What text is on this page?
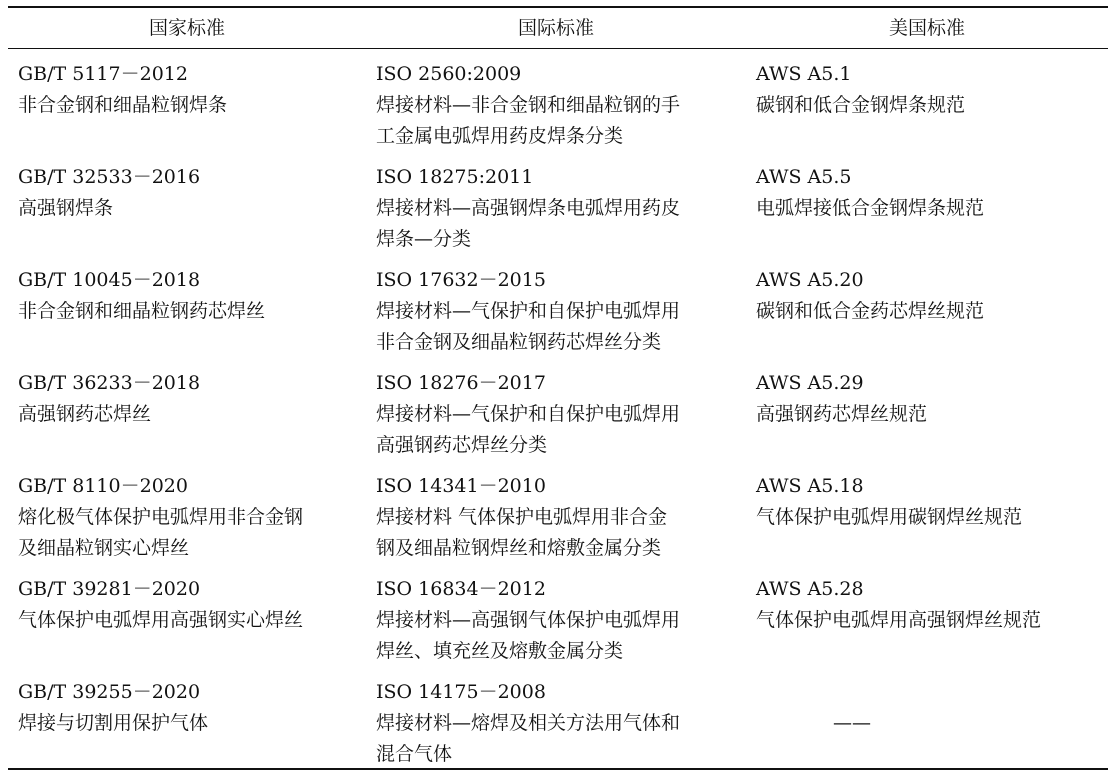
国家标准	国际标准	美国标准
GB/T 5117－2012
非合金钢和细晶粒钢焊条
ISO 2560:2009
焊接材料—非合金钢和细晶粒钢的手
工金属电弧焊用药皮焊条分类
AWS A5.1
碳钢和低合金钢焊条规范
GB/T 32533－2016
高强钢焊条
ISO 18275:2011
焊接材料—高强钢焊条电弧焊用药皮
焊条—分类
AWS A5.5
电弧焊接低合金钢焊条规范
GB/T 10045－2018
非合金钢和细晶粒钢药芯焊丝
ISO 17632－2015
焊接材料—气保护和自保护电弧焊用
非合金钢及细晶粒钢药芯焊丝分类
AWS A5.20
碳钢和低合金药芯焊丝规范
GB/T 36233－2018
高强钢药芯焊丝
ISO 18276－2017
焊接材料—气保护和自保护电弧焊用
高强钢药芯焊丝分类
AWS A5.29
高强钢药芯焊丝规范
GB/T 8110－2020
熔化极气体保护电弧焊用非合金钢
及细晶粒钢实心焊丝
ISO 14341－2010
焊接材料 气体保护电弧焊用非合金
钢及细晶粒钢焊丝和熔敷金属分类
AWS A5.18
气体保护电弧焊用碳钢焊丝规范
GB/T 39281－2020
气体保护电弧焊用高强钢实心焊丝
ISO 16834－2012
焊接材料—高强钢气体保护电弧焊用
焊丝、填充丝及熔敷金属分类
AWS A5.28
气体保护电弧焊用高强钢焊丝规范
GB/T 39255－2020
焊接与切割用保护气体
ISO 14175－2008
焊接材料—熔焊及相关方法用气体和
混合气体
——
